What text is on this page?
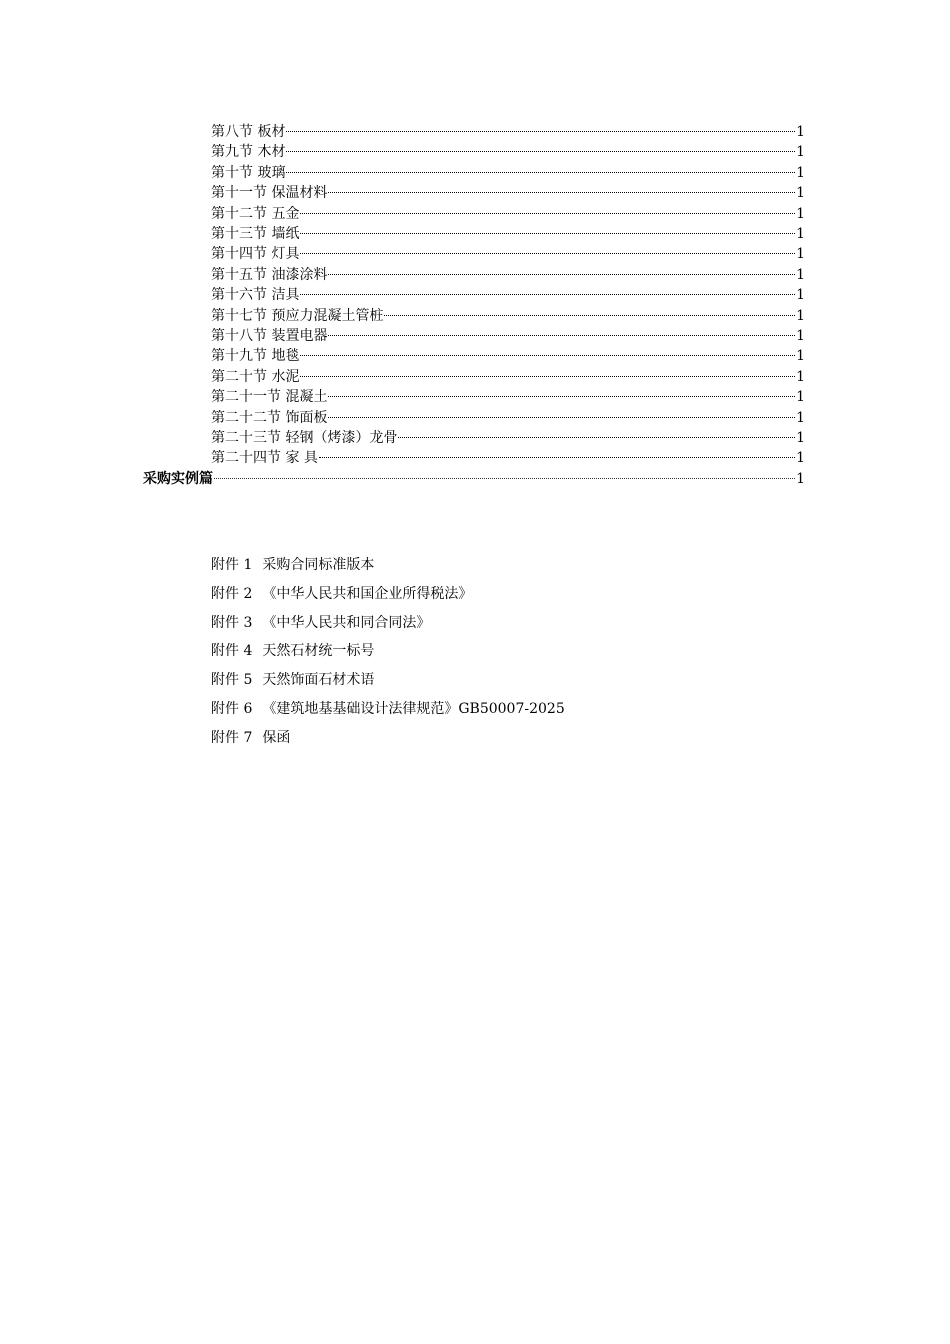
第八节 板材	1
第九节 木材	1
第十节 玻璃	1
第十一节 保温材料	1
第十二节 五金	1
第十三节 墙纸	1
第十四节 灯具	1
第十五节 油漆涂料	1
第十六节 洁具	1
第十七节 预应力混凝土管桩	1
第十八节 装置电器	1
第十九节 地毯	1
第二十节 水泥	1
第二十一节 混凝土	1
第二十二节 饰面板	1
第二十三节 轻钢（烤漆）龙骨	1
第二十四节 家 具	1
采购实例篇	1
附件 1 采购合同标准版本
附件 2 《中华人民共和国企业所得税法》
附件 3 《中华人民共和同合同法》
附件 4 天然石材统一标号
附件 5 天然饰面石材术语
附件 6 《建筑地基基础设计法律规范》GB50007-2025
附件 7 保函
